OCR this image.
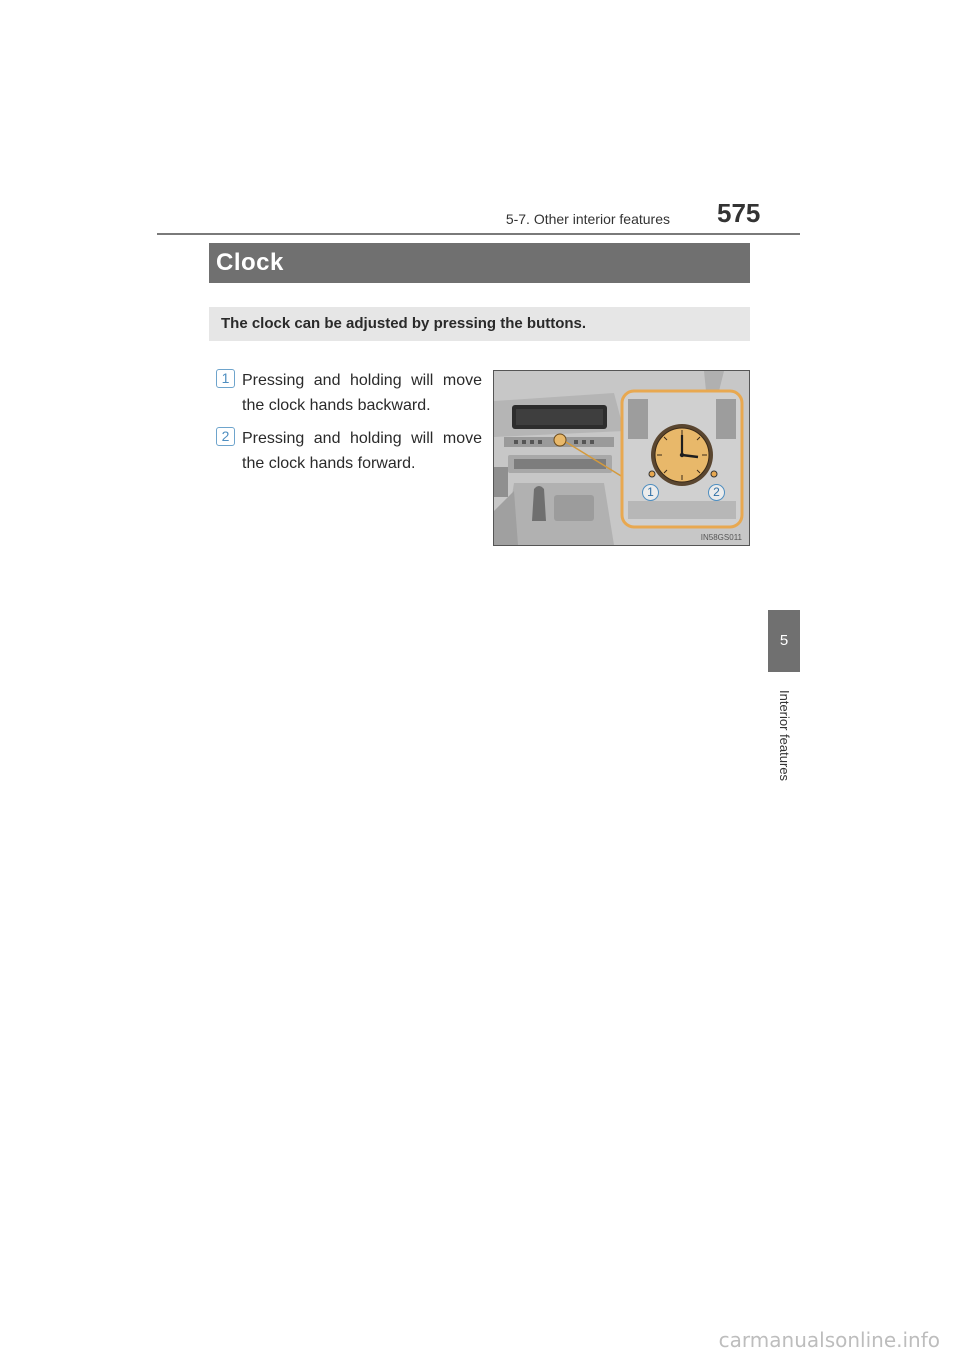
5-7. Other interior features 575
Clock
The clock can be adjusted by pressing the buttons.
1 Pressing and holding will move the clock hands backward.
2 Pressing and holding will move the clock hands forward.
1	2
IN58GS011
5
Interior features
carmanualsonline.info
